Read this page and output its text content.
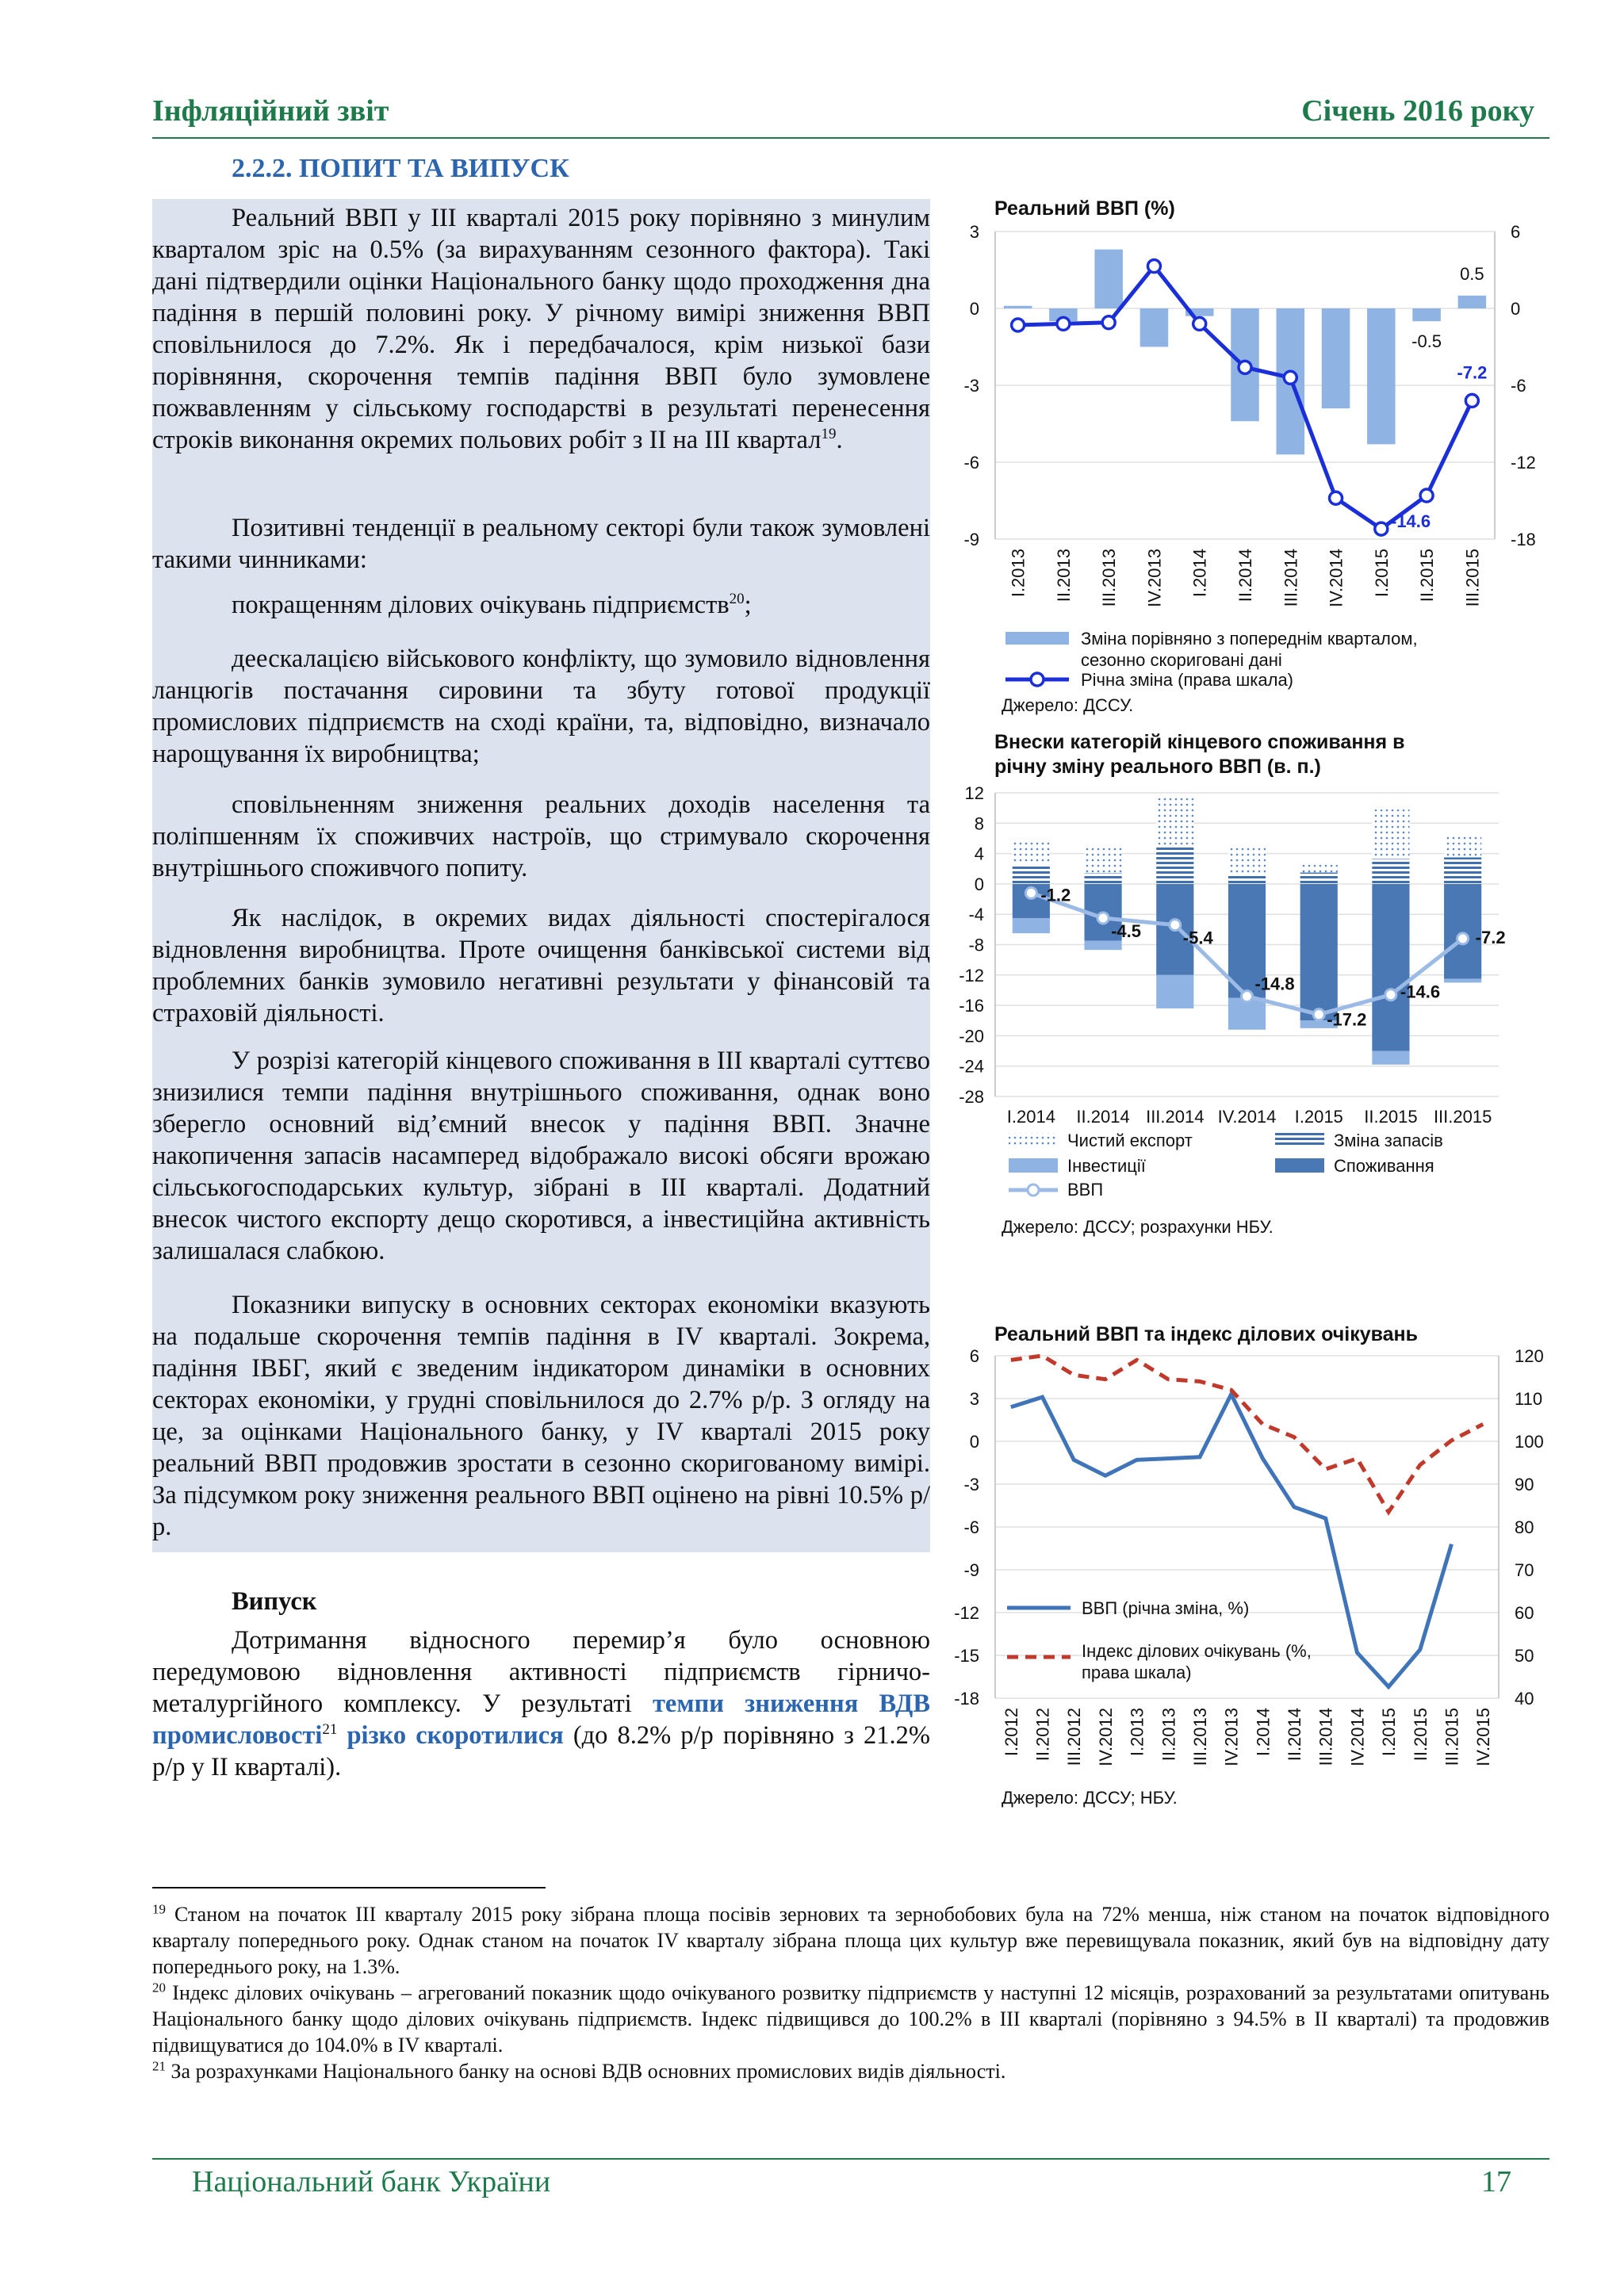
Інфляційний звіт	Січень 2016 року
2.2.2. ПОПИТ ТА ВИПУСК

Реальний ВВП у III кварталі 2015 року порівняно з минулим кварталом зріс на 0.5% (за вирахуванням сезонного фактора). Такі дані підтвердили оцінки Національного банку щодо проходження дна падіння в першій половині року. У річному вимірі зниження ВВП сповільнилося до 7.2%. Як і передбачалося, крім низької бази порівняння, скорочення темпів падіння ВВП було зумовлене пожвавленням у сільському господарстві в результаті перенесення строків виконання окремих польових робіт з II на III квартал$^{19}$.

Позитивні тенденції в реальному секторі були також зумовлені такими чинниками:

покращенням ділових очікувань підприємств$^{20}$;

деескалацією військового конфлікту, що зумовило відновлення ланцюгів постачання сировини та збуту готової продукції промислових підприємств на сході країни, та, відповідно, визначало нарощування їх виробництва;

сповільненням зниження реальних доходів населення та поліпшенням їх споживчих настроїв, що стримувало скорочення внутрішнього споживчого попиту.

Як наслідок, в окремих видах діяльності спостерігалося відновлення виробництва. Проте очищення банківської системи від проблемних банків зумовило негативні результати у фінансовій та страховій діяльності.

У розрізі категорій кінцевого споживання в III кварталі суттєво знизилися темпи падіння внутрішнього споживання, однак воно зберегло основний від’ємний внесок у падіння ВВП. Значне накопичення запасів насамперед відображало високі обсяги врожаю сільськогосподарських культур, зібрані в III кварталі. Додатний внесок чистого експорту дещо скоротився, а інвестиційна активність залишалася слабкою.

Показники випуску в основних секторах економіки вказують на подальше скорочення темпів падіння в IV кварталі. Зокрема, падіння ІВБГ, який є зведеним індикатором динаміки в основних секторах економіки, у грудні сповільнилося до 2.7% р/р. З огляду на це, за оцінками Національного банку, у IV кварталі 2015 року реальний ВВП продовжив зростати в сезонно скоригованому вимірі. За підсумком року зниження реального ВВП оцінено на рівні 10.5% р/р.

Випуск

Дотримання відносного перемир’я було основною передумовою відновлення активності підприємств гірничо-металургійного комплексу. У результаті темпи зниження ВДВ промисловості$^{21}$ різко скоротилися (до 8.2% р/р порівняно з 21.2% р/р у II кварталі).

Реальний ВВП (%)
3
0
-3
-6
-9
6
0
-6
-12
-18
0.5
-0.5
-7.2
-14.6
I.2013 II.2013 III.2013 IV.2013 I.2014 II.2014 III.2014 IV.2014 I.2015 II.2015 III.2015
Зміна порівняно з попереднім кварталом,
сезонно скориговані дані
Річна зміна (права шкала)
Джерело: ДССУ.
Внески категорій кінцевого споживання в
річну зміну реального ВВП (в. п.)
12
8
4
0
-4
-8
-12
-16
-20
-24
-28
I.2014 II.2014 III.2014 IV.2014 I.2015 II.2015 III.2015
-1.2
-4.5 -5.4
-14.8
-17.2
-14.6
-7.2
Чистий експорт	Зміна запасів
Інвестиції	Споживання
ВВП
Джерело: ДССУ; розрахунки НБУ.
Реальний ВВП та індекс ділових очікувань
6
3
0
-3
-6
-9
-12
-15
-18
120
110
100
90
80
70
60
50
40
I.2012 II.2012 III.2012 IV.2012 I.2013 II.2013 III.2013 IV.2013 I.2014 II.2014 III.2014 IV.2014 I.2015 II.2015 III.2015 IV.2015
ВВП (річна зміна, %)
Індекс ділових очікувань (%,
права шкала)
Джерело: ДССУ; НБУ.

$^{19}$ Станом на початок III кварталу 2015 року зібрана площа посівів зернових та зернобобових була на 72% менша, ніж станом на початок відповідного кварталу попереднього року. Однак станом на початок IV кварталу зібрана площа цих культур вже перевищувала показник, який був на відповідну дату попереднього року, на 1.3%.

$^{20}$ Індекс ділових очікувань – агрегований показник щодо очікуваного розвитку підприємств у наступні 12 місяців, розрахований за результатами опитувань Національного банку щодо ділових очікувань підприємств. Індекс підвищився до 100.2% в III кварталі (порівняно з 94.5% в II кварталі) та продовжив підвищуватися до 104.0% в IV кварталі.

$^{21}$ За розрахунками Національного банку на основі ВДВ основних промислових видів діяльності.

Національний банк України	17
